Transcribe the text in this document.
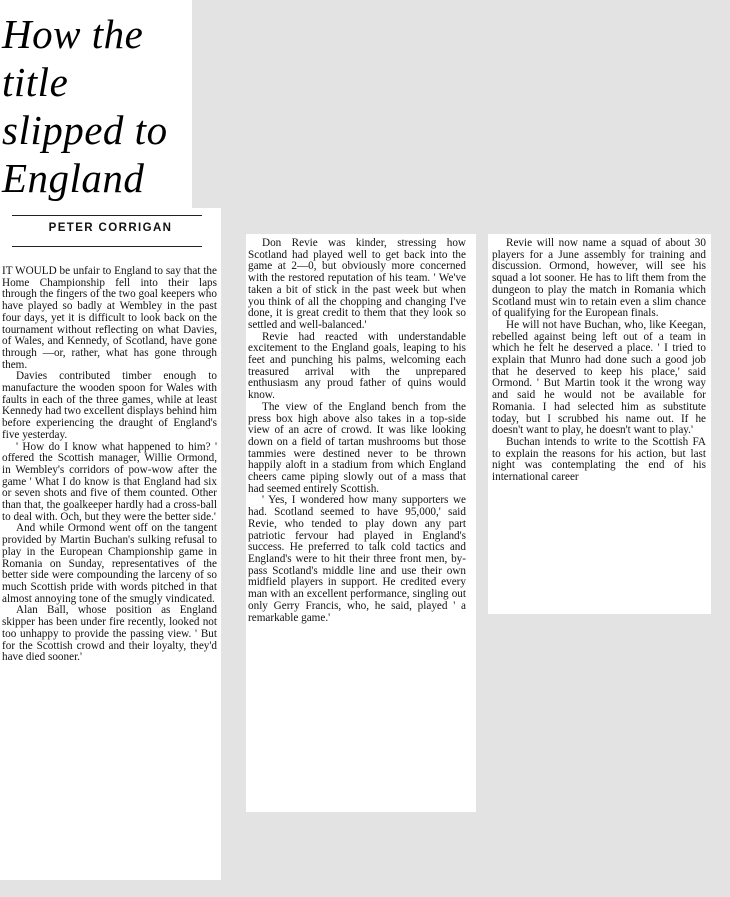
How the
title
slipped to
England
PETER CORRIGAN

IT WOULD be unfair to England to say that the Home Championship fell into their laps through the fingers of the two goal keepers who have played so badly at Wembley in the past four days, yet it is difficult to look back on the tournament without reflecting on what Davies, of Wales, and Kennedy, of Scotland, have gone through —or, rather, what has gone through them.

Davies contributed timber enough to manufacture the wooden spoon for Wales with faults in each of the three games, while at least Kennedy had two excellent displays behind him before experiencing the draught of England's five yesterday.

' How do I know what happened to him? ' offered the Scottish manager, Willie Ormond, in Wembley's corridors of pow-wow after the game ' What I do know is that England had six or seven shots and five of them counted. Other than that, the goalkeeper hardly had a cross-ball to deal with. Och, but they were the better side.'

And while Ormond went off on the tangent provided by Martin Buchan's sulking refusal to play in the European Championship game in Romania on Sunday, representatives of the better side were compounding the larceny of so much Scottish pride with words pitched in that almost annoying tone of the smugly vindicated.

Alan Ball, whose position as England skipper has been under fire recently, looked not too unhappy to provide the passing view. ' But for the Scottish crowd and their loyalty, they'd have died sooner.'

Don Revie was kinder, stressing how Scotland had played well to get back into the game at 2—0, but obviously more concerned with the restored reputation of his team. ' We've taken a bit of stick in the past week but when you think of all the chopping and changing I've done, it is great credit to them that they look so settled and well-balanced.'

Revie had reacted with understandable excitement to the England goals, leaping to his feet and punching his palms, welcoming each treasured arrival with the unprepared enthusiasm any proud father of quins would know.

The view of the England bench from the press box high above also takes in a top-side view of an acre of crowd. It was like looking down on a field of tartan mushrooms but those tammies were destined never to be thrown happily aloft in a stadium from which England cheers came piping slowly out of a mass that had seemed entirely Scottish.

' Yes, I wondered how many supporters we had. Scotland seemed to have 95,000,' said Revie, who tended to play down any part patriotic fervour had played in England's success. He preferred to talk cold tactics and England's were to hit their three front men, by-pass Scotland's middle line and use their own midfield players in support. He credited every man with an excellent performance, singling out only Gerry Francis, who, he said, played ' a remarkable game.'

Revie will now name a squad of about 30 players for a June assembly for training and discussion. Ormond, however, will see his squad a lot sooner. He has to lift them from the dungeon to play the match in Romania which Scotland must win to retain even a slim chance of qualifying for the European finals.

He will not have Buchan, who, like Keegan, rebelled against being left out of a team in which he felt he deserved a place. ' I tried to explain that Munro had done such a good job that he deserved to keep his place,' said Ormond. ' But Martin took it the wrong way and said he would not be available for Romania. I had selected him as substitute today, but I scrubbed his name out. If he doesn't want to play, he doesn't want to play.'

Buchan intends to write to the Scottish FA to explain the reasons for his action, but last night was contemplating the end of his international career
